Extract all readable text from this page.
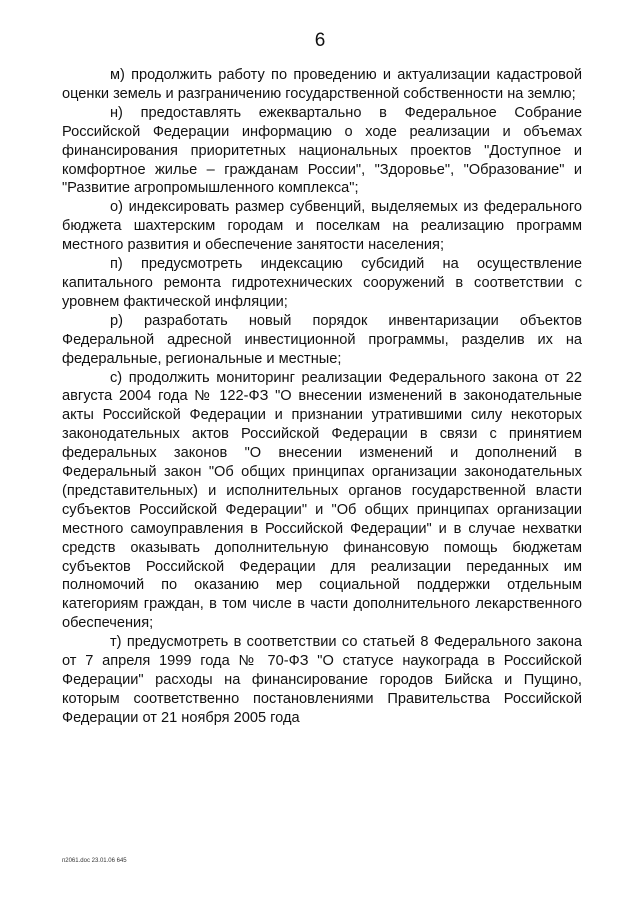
6

м) продолжить работу по проведению и актуализации кадастровой оценки земель и разграничению государственной собственности на землю;

н) предоставлять ежеквартально в Федеральное Собрание Российской Федерации информацию о ходе реализации и объемах финансирования приоритетных национальных проектов "Доступное и комфортное жилье – гражданам России", "Здоровье", "Образование" и "Развитие агропромышленного комплекса";

о) индексировать размер субвенций, выделяемых из федерального бюджета шахтерским городам и поселкам на реализацию программ местного развития и обеспечение занятости населения;

п) предусмотреть индексацию субсидий на осуществление капитального ремонта гидротехнических сооружений в соответствии с уровнем фактической инфляции;

р) разработать новый порядок инвентаризации объектов Федеральной адресной инвестиционной программы, разделив их на федеральные, региональные и местные;

с) продолжить мониторинг реализации Федерального закона от 22 августа 2004 года № 122-ФЗ "О внесении изменений в законодательные акты Российской Федерации и признании утратившими силу некоторых законодательных актов Российской Федерации в связи с принятием федеральных законов "О внесении изменений и дополнений в Федеральный закон "Об общих принципах организации законодательных (представительных) и исполнительных органов государственной власти субъектов Российской Федерации" и "Об общих принципах организации местного самоуправления в Российской Федерации" и в случае нехватки средств оказывать дополнительную финансовую помощь бюджетам субъектов Российской Федерации для реализации переданных им полномочий по оказанию мер социальной поддержки отдельным категориям граждан, в том числе в части дополнительного лекарственного обеспечения;

т) предусмотреть в соответствии со статьей 8 Федерального закона от 7 апреля 1999 года № 70-ФЗ "О статусе наукограда в Российской Федерации" расходы на финансирование городов Бийска и Пущино, которым соответственно постановлениями Правительства Российской Федерации от 21 ноября 2005 года

п2061.doc 23.01.06 645
